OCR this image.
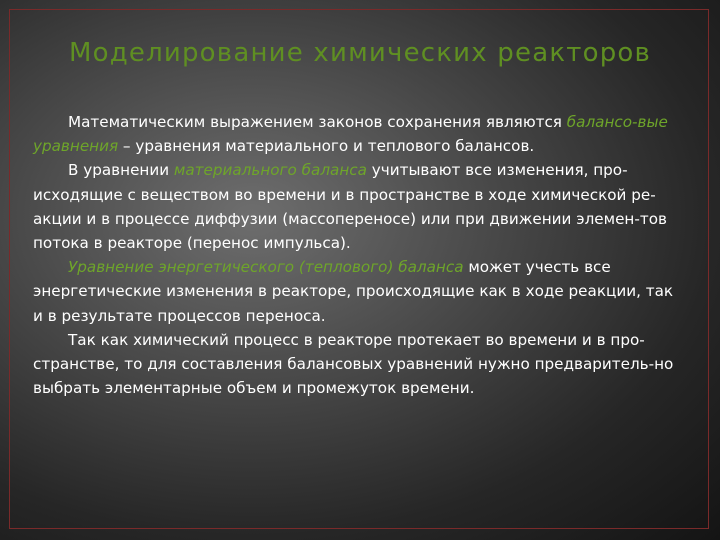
Моделирование химических реакторов

Математическим выражением законов сохранения являются балансо-вые уравнения – уравнения материального и теплового балансов.

В уравнении материального баланса учитывают все изменения, про-исходящие с веществом во времени и в пространстве в ходе химической ре-акции и в процессе диффузии (массопереносе) или при движении элемен-тов потока в реакторе (перенос импульса).

Уравнение энергетического (теплового) баланса может учесть все энергетические изменения в реакторе, происходящие как в ходе реакции, так и в результате процессов переноса.

Так как химический процесс в реакторе протекает во времени и в про-странстве, то для составления балансовых уравнений нужно предваритель-но выбрать элементарные объем и промежуток времени.
